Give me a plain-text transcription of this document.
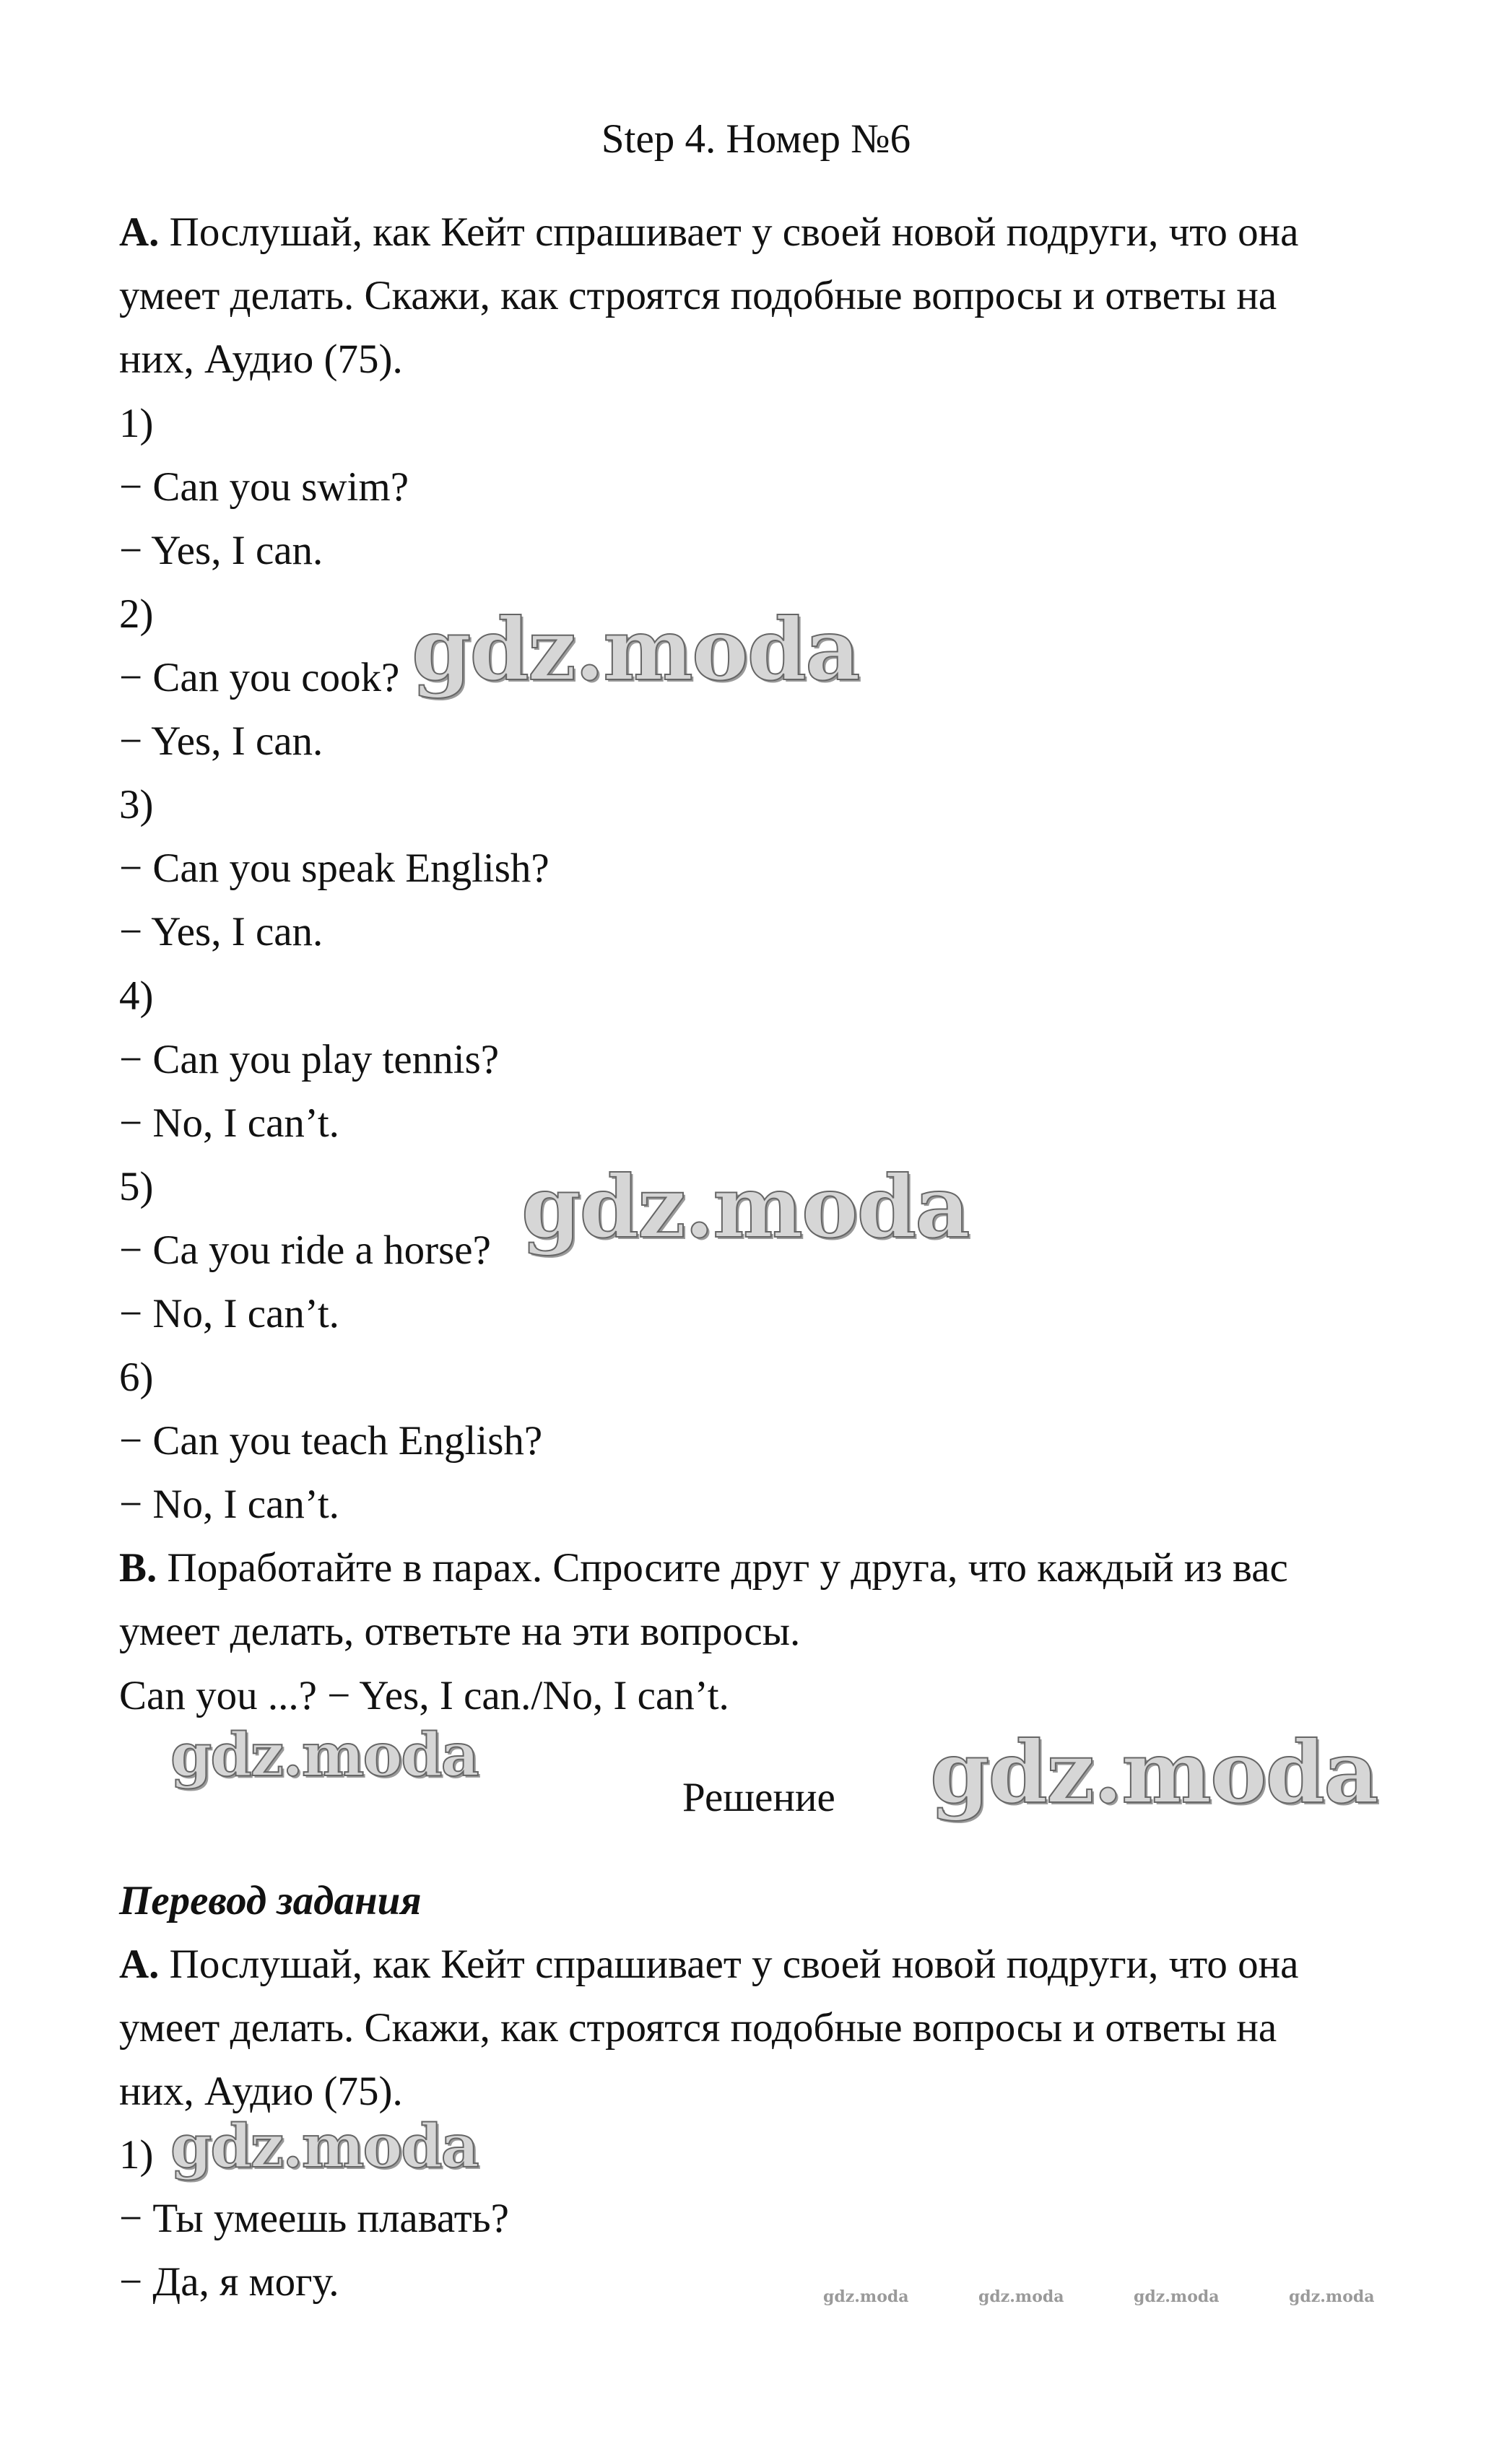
Step 4. Номер №6
A. Послушай, как Кейт спрашивает у своей новой подруги, что она
умеет делать. Скажи, как строятся подобные вопросы и ответы на
них, Аудио (75).
1)
− Can you swim?
− Yes, I can.
2)
− Can you cook?
− Yes, I can.
3)
− Can you speak English?
− Yes, I can.
4)
− Can you play tennis?
− No, I can’t.
5)
− Ca you ride a horse?
− No, I can’t.
6)
− Can you teach English?
− No, I can’t.
B. Поработайте в парах. Спросите друг у друга, что каждый из вас
умеет делать, ответьте на эти вопросы.
Can you ...? − Yes, I can./No, I can’t.
Решение
Перевод задания
A. Послушай, как Кейт спрашивает у своей новой подруги, что она
умеет делать. Скажи, как строятся подобные вопросы и ответы на
них, Аудио (75).
1)
− Ты умеешь плавать?
− Да, я могу.
gdz.moda
gdz.moda
gdz.moda	gdz.moda
gdz.moda
gdz.moda	gdz.moda	gdz.moda	gdz.moda
